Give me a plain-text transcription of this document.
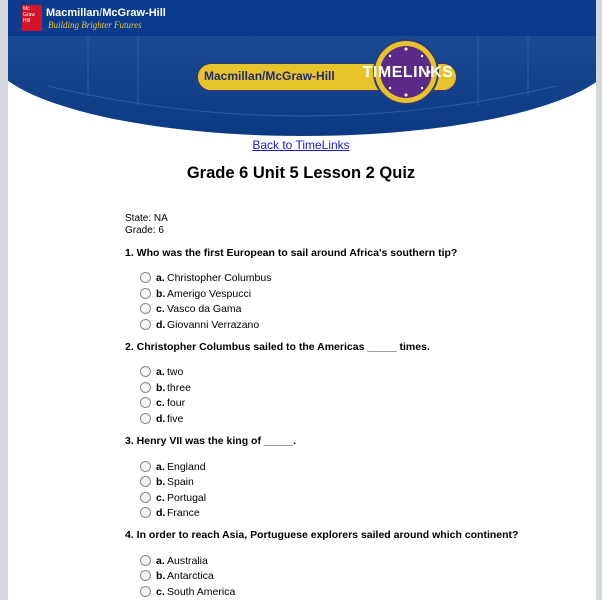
Mc Graw Hill
Macmillan/McGraw-Hill
Building Brighter Futures
Macmillan/McGraw-Hill TIMELINKS
Back to TimeLinks
Grade 6 Unit 5 Lesson 2 Quiz
State: NA
Grade: 6
1. Who was the first European to sail around Africa's southern tip?
a. Christopher Columbus
b. Amerigo Vespucci
c. Vasco da Gama
d. Giovanni Verrazano
2. Christopher Columbus sailed to the Americas _____ times.
a. two
b. three
c. four
d. five
3. Henry VII was the king of _____.
a. England
b. Spain
c. Portugal
d. France
4. In order to reach Asia, Portuguese explorers sailed around which continent?
a. Australia
b. Antarctica
c. South America
